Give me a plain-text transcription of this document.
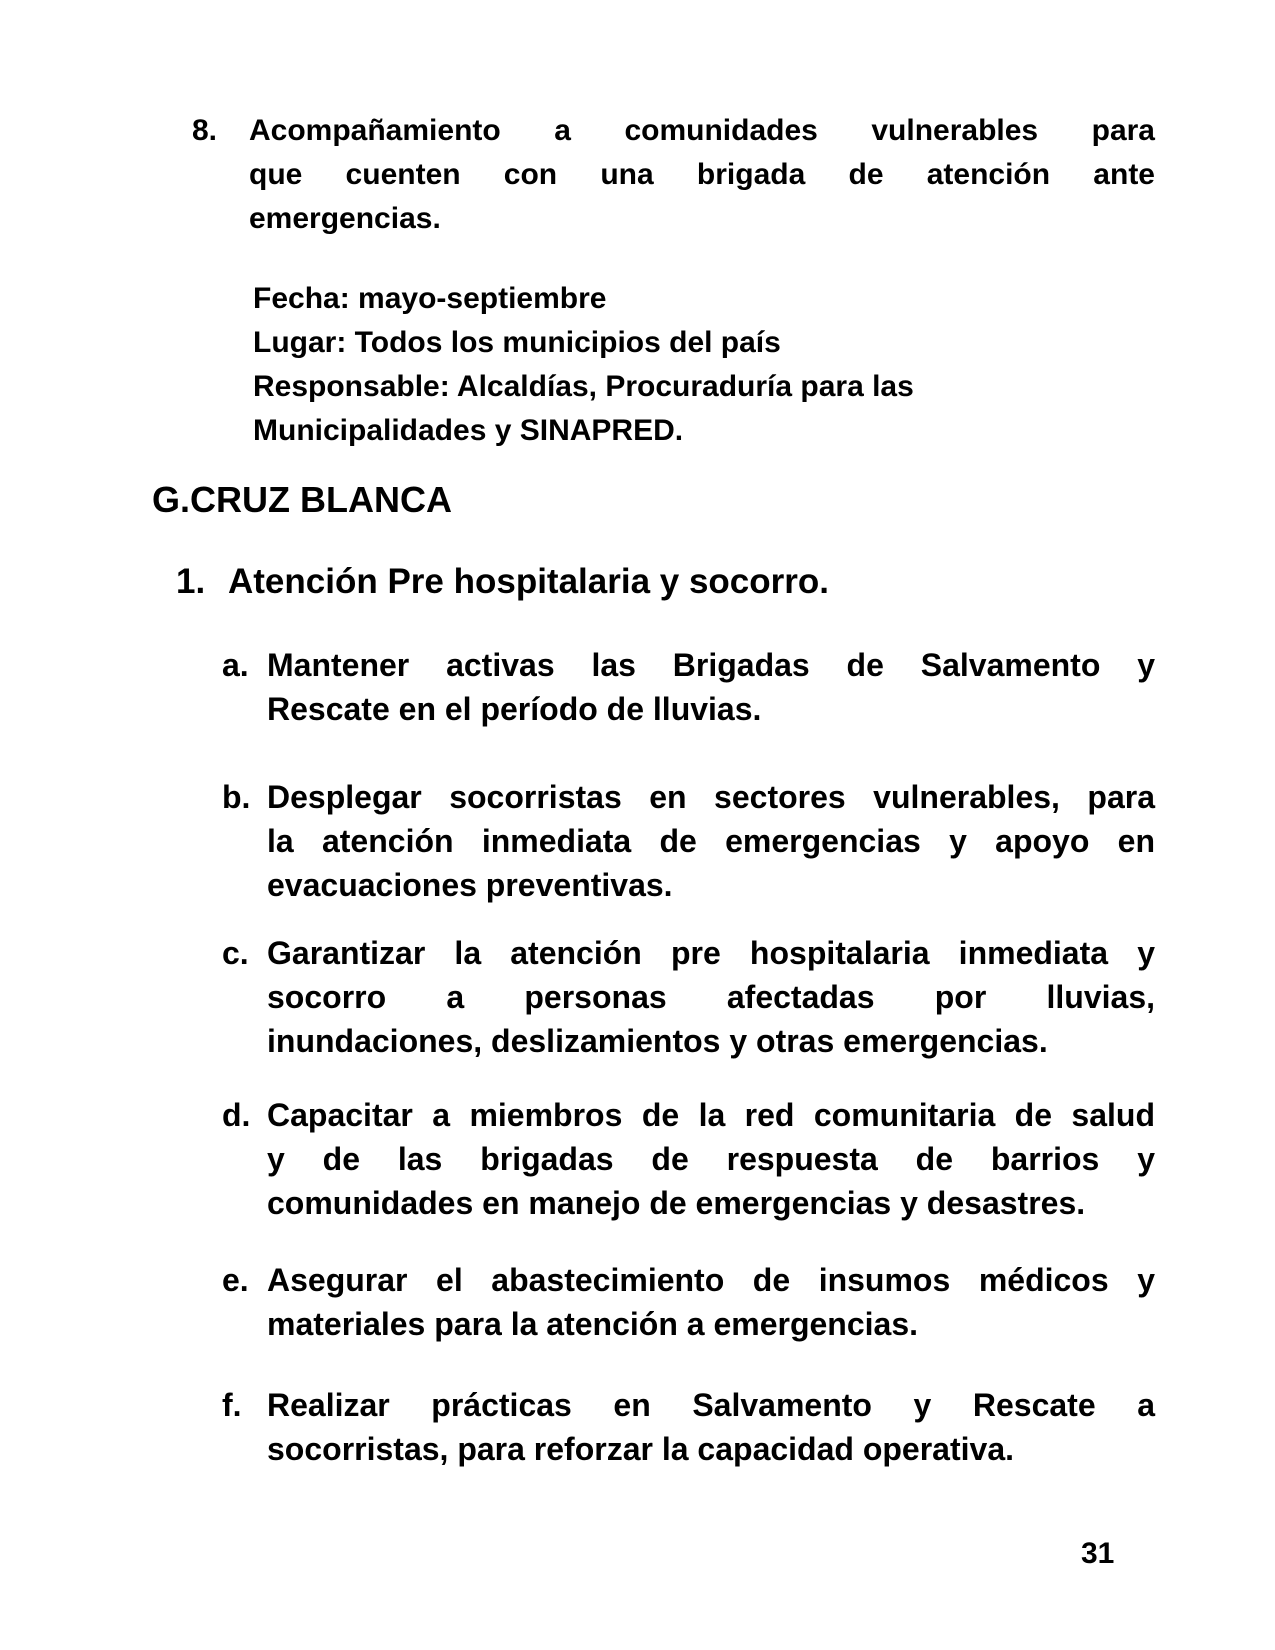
8. Acompañamiento a comunidades vulnerables para
que cuenten con una brigada de atención ante
emergencias.
Fecha: mayo-septiembre
Lugar: Todos los municipios del país
Responsable: Alcaldías, Procuraduría para las
Municipalidades y SINAPRED.
G. CRUZ BLANCA
1. Atención Pre hospitalaria y socorro.
a. Mantener activas las Brigadas de Salvamento y
Rescate en el período de lluvias.
b. Desplegar socorristas en sectores vulnerables, para
la atención inmediata de emergencias y apoyo en
evacuaciones preventivas.
c. Garantizar la atención pre hospitalaria inmediata y
socorro a personas afectadas por lluvias,
inundaciones, deslizamientos y otras emergencias.
d. Capacitar a miembros de la red comunitaria de salud
y de las brigadas de respuesta de barrios y
comunidades en manejo de emergencias y desastres.
e. Asegurar el abastecimiento de insumos médicos y
materiales para la atención a emergencias.
f. Realizar prácticas en Salvamento y Rescate a
socorristas, para reforzar la capacidad operativa.
31
